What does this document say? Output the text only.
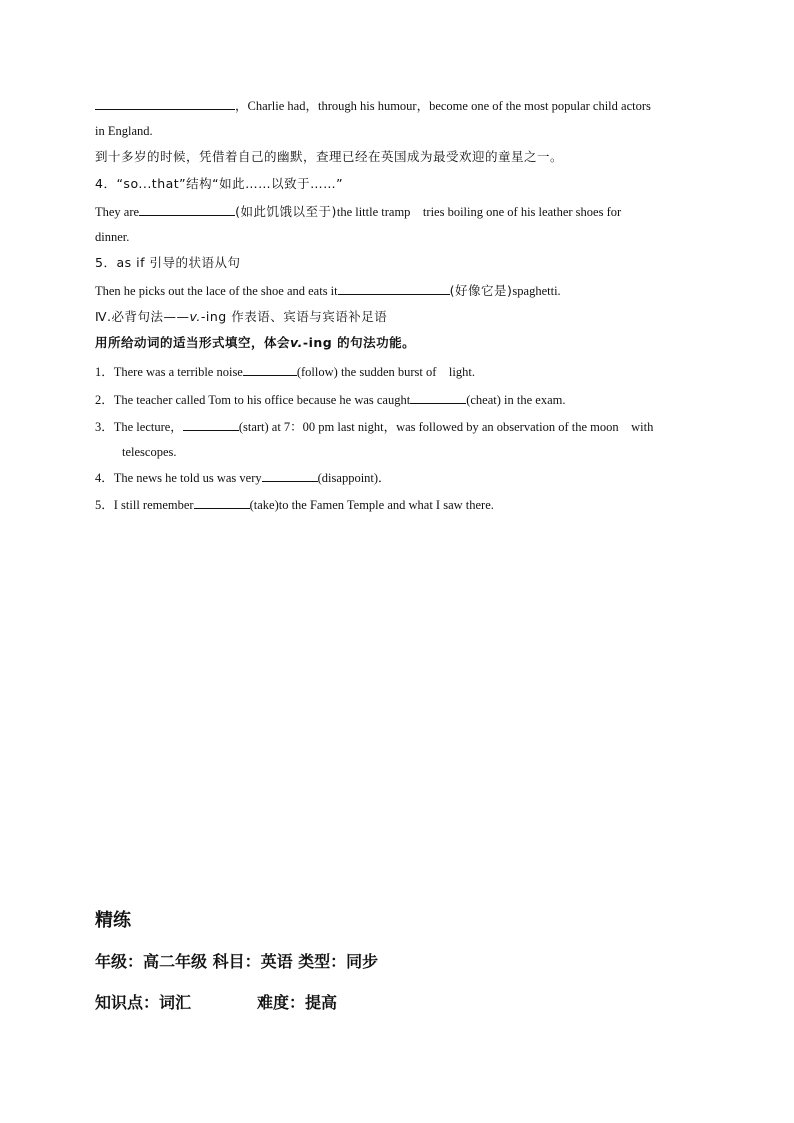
，Charlie had，through his humour，become one of the most popular child actors
in England.
到十多岁的时候，凭借着自己的幽默，查理已经在英国成为最受欢迎的童星之一。
4．“so...that”结构“如此……以致于……”
They are	(如此饥饿以至于)the little tramp　tries boiling one of his leather shoes for
dinner.
5．as if 引导的状语从句
Then he picks out the lace of the shoe and eats it	(好像它是)spaghetti.
Ⅳ.必背句法——v.-ing 作表语、宾语与宾语补足语
用所给动词的适当形式填空，体会v.-ing 的句法功能。
1．There was a terrible noise	(follow) the sudden burst of　light.
2．The teacher called Tom to his office because he was caught	(cheat) in the exam.
3．The lecture，	(start) at 7：00 pm last night，was followed by an observation of the moon　with
telescopes.
4．The news he told us was very	(disappoint)．
5．I still remember	(take)to the Famen Temple and what I saw there.
精练
年级：高二年级 科目：英语 类型：同步
知识点：词汇	难度：提高
